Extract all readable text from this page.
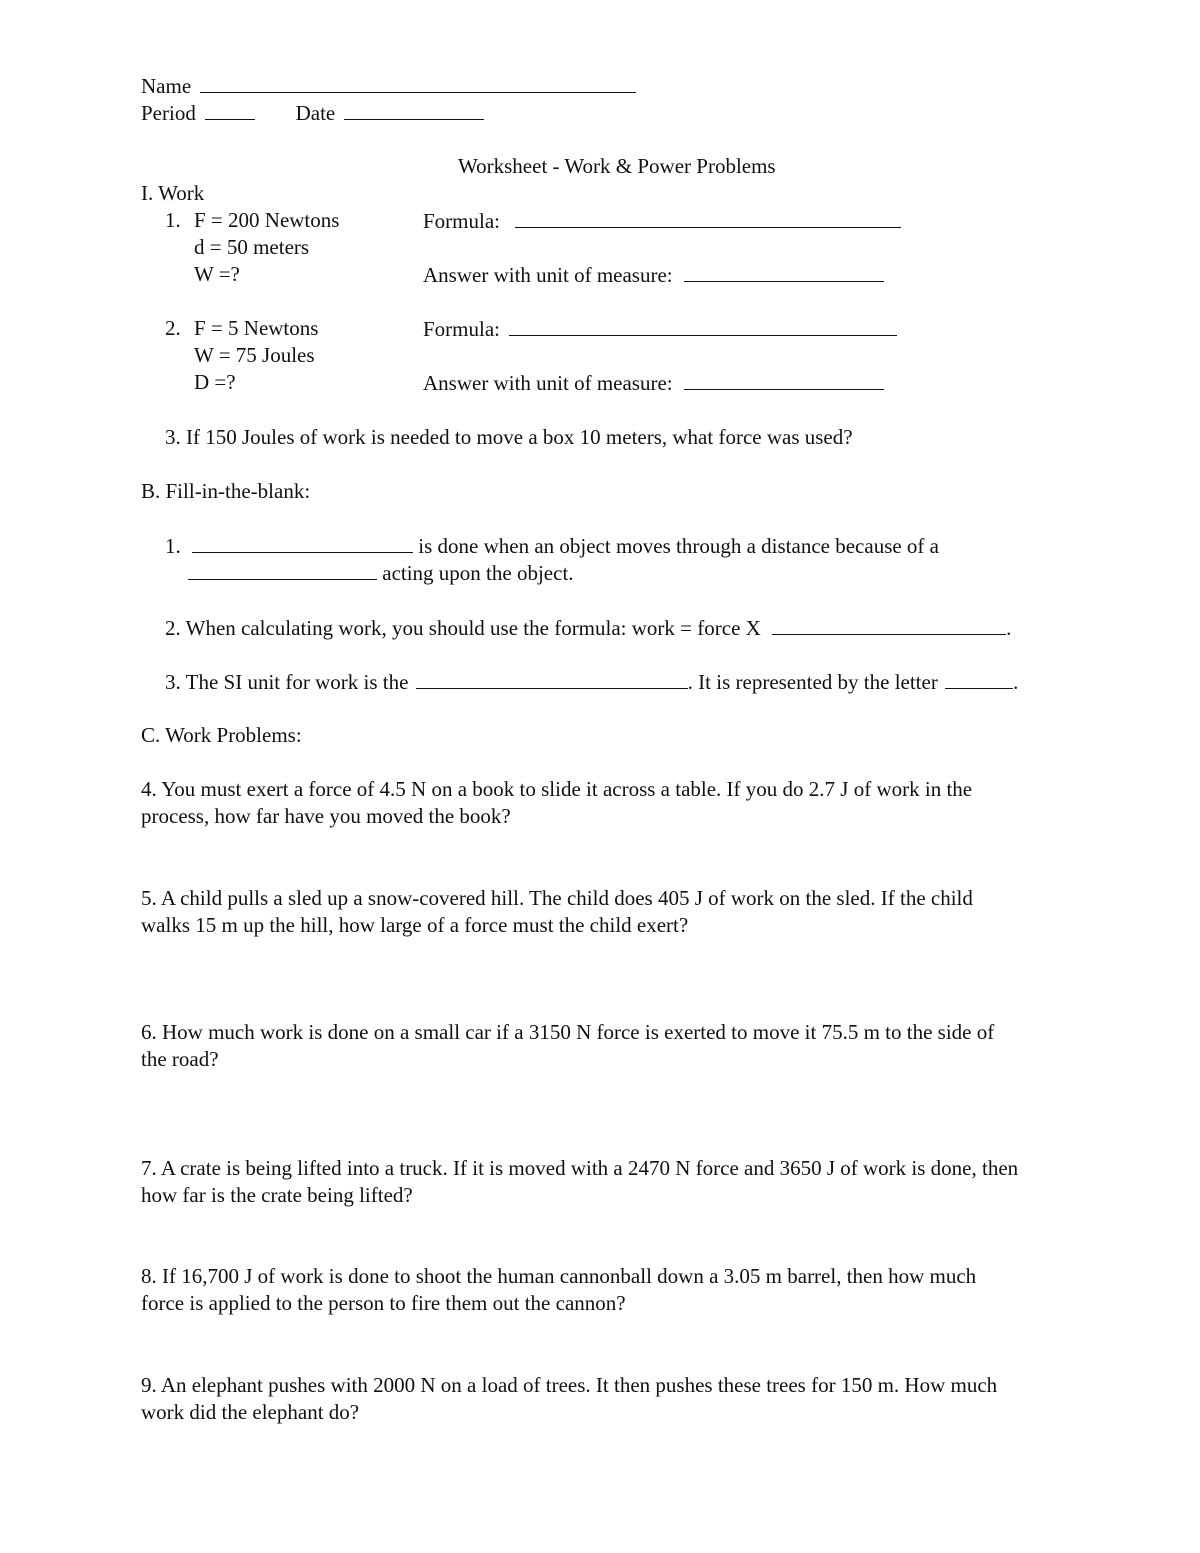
Name
Period	Date
Worksheet - Work & Power Problems
I. Work
1. F = 200 Newtons
d = 50 meters
W =?
Formula:
Answer with unit of measure:
2. F = 5 Newtons
W = 75 Joules
D =?
Formula:
Answer with unit of measure:
3. If 150 Joules of work is needed to move a box 10 meters, what force was used?
B. Fill-in-the-blank:
1.	is done when an object moves through a distance because of a
acting upon the object.
2. When calculating work, you should use the formula: work = force X	.
3. The SI unit for work is the	. It is represented by the letter	.
C. Work Problems:
4. You must exert a force of 4.5 N on a book to slide it across a table. If you do 2.7 J of work in the
process, how far have you moved the book?
5. A child pulls a sled up a snow-covered hill. The child does 405 J of work on the sled. If the child
walks 15 m up the hill, how large of a force must the child exert?
6. How much work is done on a small car if a 3150 N force is exerted to move it 75.5 m to the side of
the road?
7. A crate is being lifted into a truck. If it is moved with a 2470 N force and 3650 J of work is done, then
how far is the crate being lifted?
8. If 16,700 J of work is done to shoot the human cannonball down a 3.05 m barrel, then how much
force is applied to the person to fire them out the cannon?
9. An elephant pushes with 2000 N on a load of trees. It then pushes these trees for 150 m. How much
work did the elephant do?
